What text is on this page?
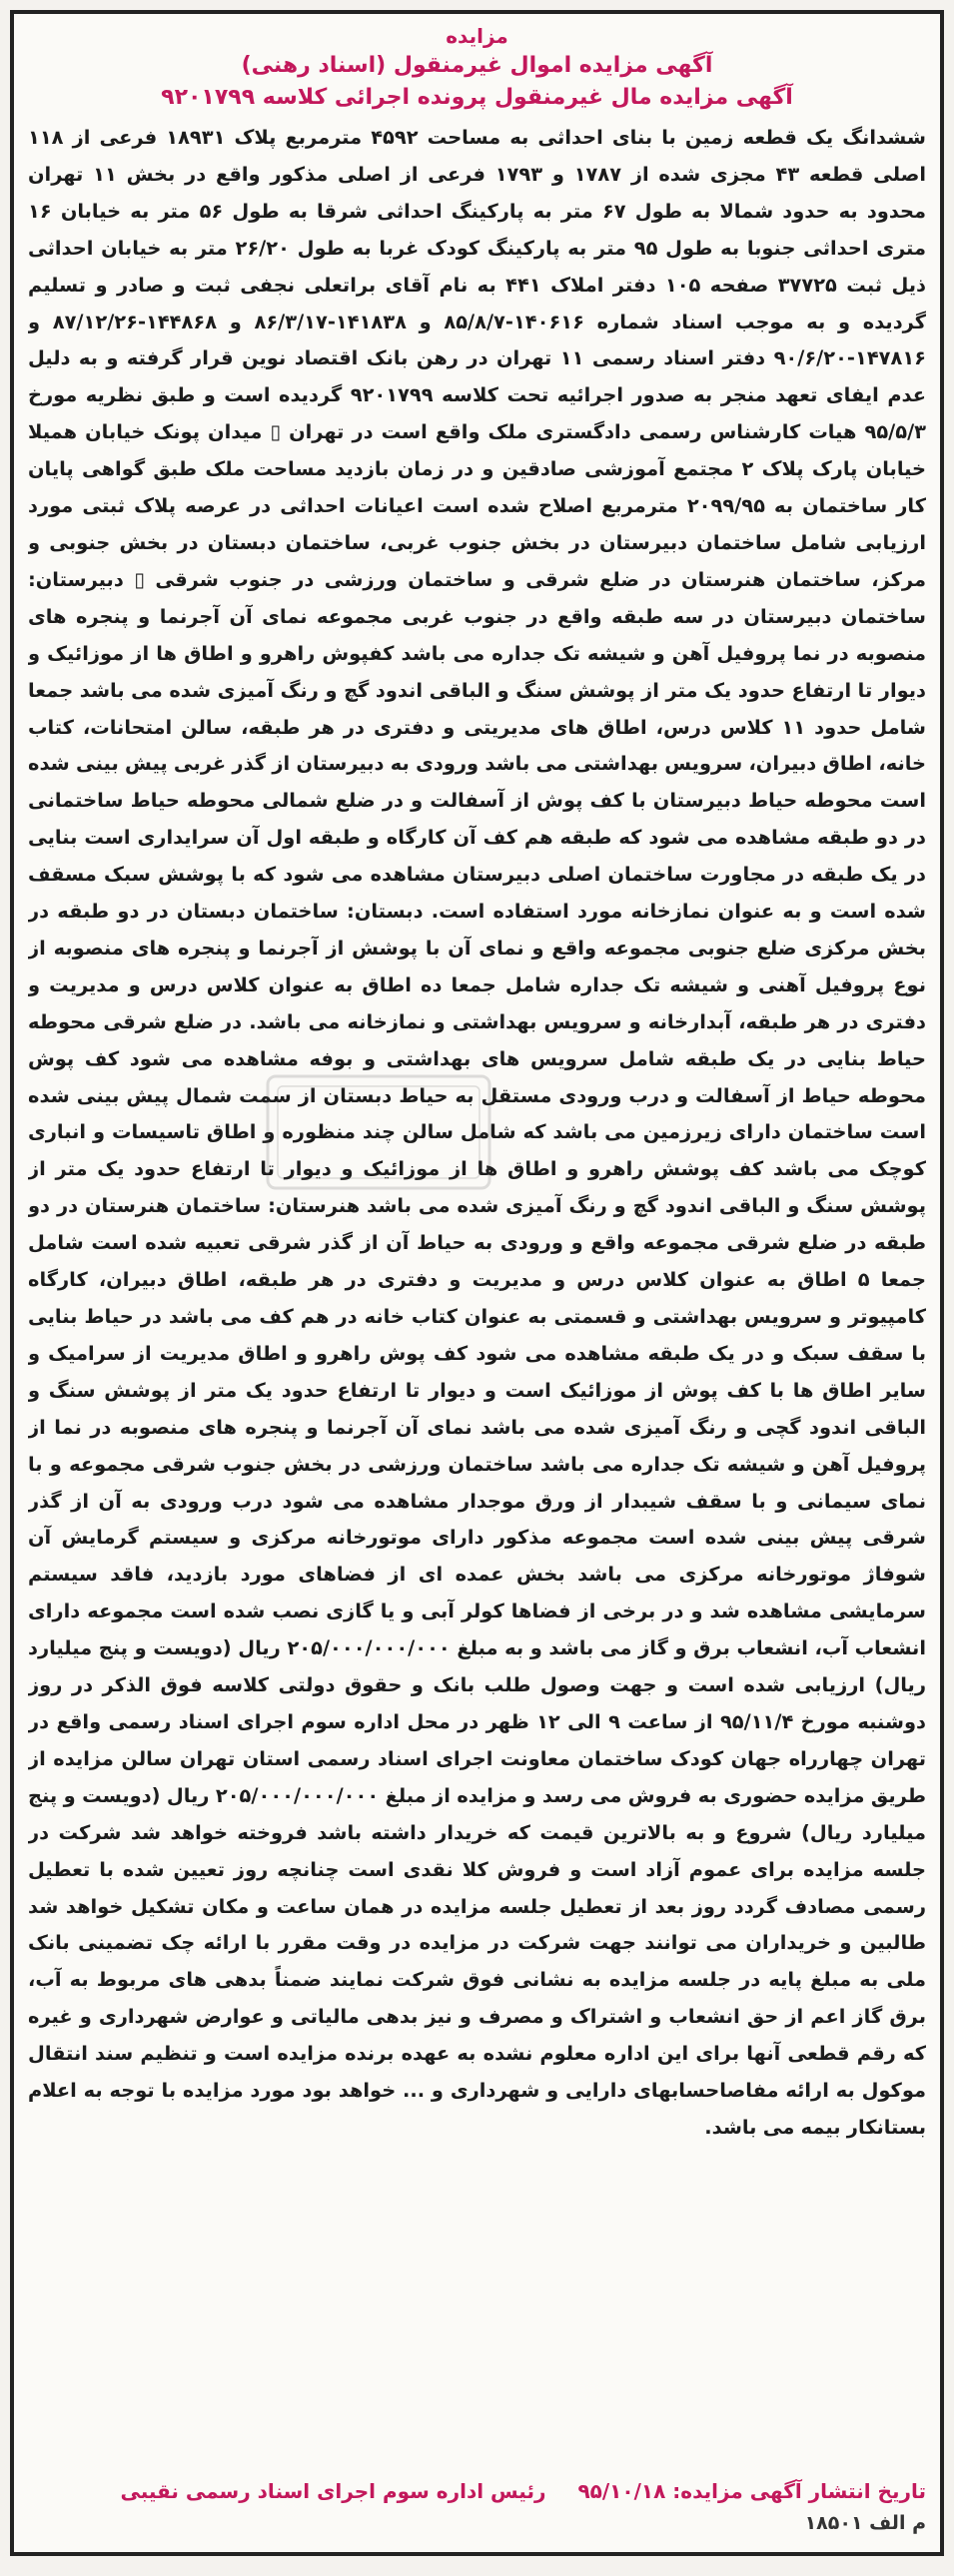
مزایده

آگهی مزایده اموال غیرمنقول (اسناد رهنی)

آگهی مزایده مال غیرمنقول پرونده اجرائی کلاسه ۹۲۰۱۷۹۹

ششدانگ یک قطعه زمین با بنای احداثی به مساحت ۴۵۹۲ مترمربع پلاک ۱۸۹۳۱ فرعی از ۱۱۸ اصلی قطعه ۴۳ مجزی شده از ۱۷۸۷ و ۱۷۹۳ فرعی از اصلی مذکور واقع در بخش ۱۱ تهران محدود به حدود شمالا به طول ۶۷ متر به پارکینگ احداثی شرقا به طول ۵۶ متر به خیابان ۱۶ متری احداثی جنوبا به طول ۹۵ متر به پارکینگ کودک غربا به طول ۲۶/۲۰ متر به خیابان احداثی ذیل ثبت ۳۷۷۲۵ صفحه ۱۰۵ دفتر املاک ۴۴۱ به نام آقای براتعلی نجفی ثبت و صادر و تسلیم گردیده و به موجب اسناد شماره ۱۴۰۶۱۶-۸۵/۸/۷ و ۱۴۱۸۳۸-۸۶/۳/۱۷ و ۱۴۴۸۶۸-۸۷/۱۲/۲۶ و ۱۴۷۸۱۶-۹۰/۶/۲۰ دفتر اسناد رسمی ۱۱ تهران در رهن بانک اقتصاد نوین قرار گرفته و به دلیل عدم ایفای تعهد منجر به صدور اجرائیه تحت کلاسه ۹۲۰۱۷۹۹ گردیده است و طبق نظریه مورخ ۹۵/۵/۳ هیات کارشناس رسمی دادگستری ملک واقع است در تهران ▯ میدان پونک خیابان همیلا خیابان پارک پلاک ۲ مجتمع آموزشی صادقین و در زمان بازدید مساحت ملک طبق گواهی پایان کار ساختمان به ۲۰۹۹/۹۵ مترمربع اصلاح شده است اعیانات احداثی در عرصه پلاک ثبتی مورد ارزیابی شامل ساختمان دبیرستان در بخش جنوب غربی، ساختمان دبستان در بخش جنوبی و مرکز، ساختمان هنرستان در ضلع شرقی و ساختمان ورزشی در جنوب شرقی ▯ دبیرستان: ساختمان دبیرستان در سه طبقه واقع در جنوب غربی مجموعه نمای آن آجرنما و پنجره های منصوبه در نما پروفیل آهن و شیشه تک جداره می باشد کفپوش راهرو و اطاق ها از موزائیک و دیوار تا ارتفاع حدود یک متر از پوشش سنگ و الباقی اندود گچ و رنگ آمیزی شده می باشد جمعا شامل حدود ۱۱ کلاس درس، اطاق های مدیریتی و دفتری در هر طبقه، سالن امتحانات، کتاب خانه، اطاق دبیران، سرویس بهداشتی می باشد ورودی به دبیرستان از گذر غربی پیش بینی شده است محوطه حیاط دبیرستان با کف پوش از آسفالت و در ضلع شمالی محوطه حیاط ساختمانی در دو طبقه مشاهده می شود که طبقه هم کف آن کارگاه و طبقه اول آن سرایداری است بنایی در یک طبقه در مجاورت ساختمان اصلی دبیرستان مشاهده می شود که با پوشش سبک مسقف شده است و به عنوان نمازخانه مورد استفاده است. دبستان: ساختمان دبستان در دو طبقه در بخش مرکزی ضلع جنوبی مجموعه واقع و نمای آن با پوشش از آجرنما و پنجره های منصوبه از نوع پروفیل آهنی و شیشه تک جداره شامل جمعا ده اطاق به عنوان کلاس درس و مدیریت و دفتری در هر طبقه، آبدارخانه و سرویس بهداشتی و نمازخانه می باشد. در ضلع شرقی محوطه حیاط بنایی در یک طبقه شامل سرویس های بهداشتی و بوفه مشاهده می شود کف پوش محوطه حیاط از آسفالت و درب ورودی مستقل به حیاط دبستان از سمت شمال پیش بینی شده است ساختمان دارای زیرزمین می باشد که شامل سالن چند منظوره و اطاق تاسیسات و انباری کوچک می باشد کف پوشش راهرو و اطاق ها از موزائیک و دیوار تا ارتفاع حدود یک متر از پوشش سنگ و الباقی اندود گچ و رنگ آمیزی شده می باشد هنرستان: ساختمان هنرستان در دو طبقه در ضلع شرقی مجموعه واقع و ورودی به حیاط آن از گذر شرقی تعبیه شده است شامل جمعا ۵ اطاق به عنوان کلاس درس و مدیریت و دفتری در هر طبقه، اطاق دبیران، کارگاه کامپیوتر و سرویس بهداشتی و قسمتی به عنوان کتاب خانه در هم کف می باشد در حیاط بنایی با سقف سبک و در یک طبقه مشاهده می شود کف پوش راهرو و اطاق مدیریت از سرامیک و سایر اطاق ها با کف پوش از موزائیک است و دیوار تا ارتفاع حدود یک متر از پوشش سنگ و الباقی اندود گچی و رنگ آمیزی شده می باشد نمای آن آجرنما و پنجره های منصوبه در نما از پروفیل آهن و شیشه تک جداره می باشد ساختمان ورزشی در بخش جنوب شرقی مجموعه و با نمای سیمانی و با سقف شیبدار از ورق موجدار مشاهده می شود درب ورودی به آن از گذر شرقی پیش بینی شده است مجموعه مذکور دارای موتورخانه مرکزی و سیستم گرمایش آن شوفاژ موتورخانه مرکزی می باشد بخش عمده ای از فضاهای مورد بازدید، فاقد سیستم سرمایشی مشاهده شد و در برخی از فضاها کولر آبی و یا گازی نصب شده است مجموعه دارای انشعاب آب، انشعاب برق و گاز می باشد و به مبلغ ۲۰۵/۰۰۰/۰۰۰/۰۰۰ ریال (دویست و پنج میلیارد ریال) ارزیابی شده است و جهت وصول طلب بانک و حقوق دولتی کلاسه فوق الذکر در روز دوشنبه مورخ ۹۵/۱۱/۴ از ساعت ۹ الی ۱۲ ظهر در محل اداره سوم اجرای اسناد رسمی واقع در تهران چهارراه جهان کودک ساختمان معاونت اجرای اسناد رسمی استان تهران سالن مزایده از طریق مزایده حضوری به فروش می رسد و مزایده از مبلغ ۲۰۵/۰۰۰/۰۰۰/۰۰۰ ریال (دویست و پنج میلیارد ریال) شروع و به بالاترین قیمت که خریدار داشته باشد فروخته خواهد شد شرکت در جلسه مزایده برای عموم آزاد است و فروش کلا نقدی است چنانچه روز تعیین شده با تعطیل رسمی مصادف گردد روز بعد از تعطیل جلسه مزایده در همان ساعت و مکان تشکیل خواهد شد طالبین و خریداران می توانند جهت شرکت در مزایده در وقت مقرر با ارائه چک تضمینی بانک ملی به مبلغ پایه در جلسه مزایده به نشانی فوق شرکت نمایند ضمناً بدهی های مربوط به آب، برق گاز اعم از حق انشعاب و اشتراک و مصرف و نیز بدهی مالیاتی و عوارض شهرداری و غیره که رقم قطعی آنها برای این اداره معلوم نشده به عهده برنده مزایده است و تنظیم سند انتقال موکول به ارائه مفاصاحسابهای دارایی و شهرداری و ... خواهد بود مورد مزایده با توجه به اعلام بستانکار بیمه می باشد.

تاریخ انتشار آگهی مزایده: ۹۵/۱۰/۱۸  رئیس اداره سوم اجرای اسناد رسمی نقیبی
م الف ۱۸۵۰۱
